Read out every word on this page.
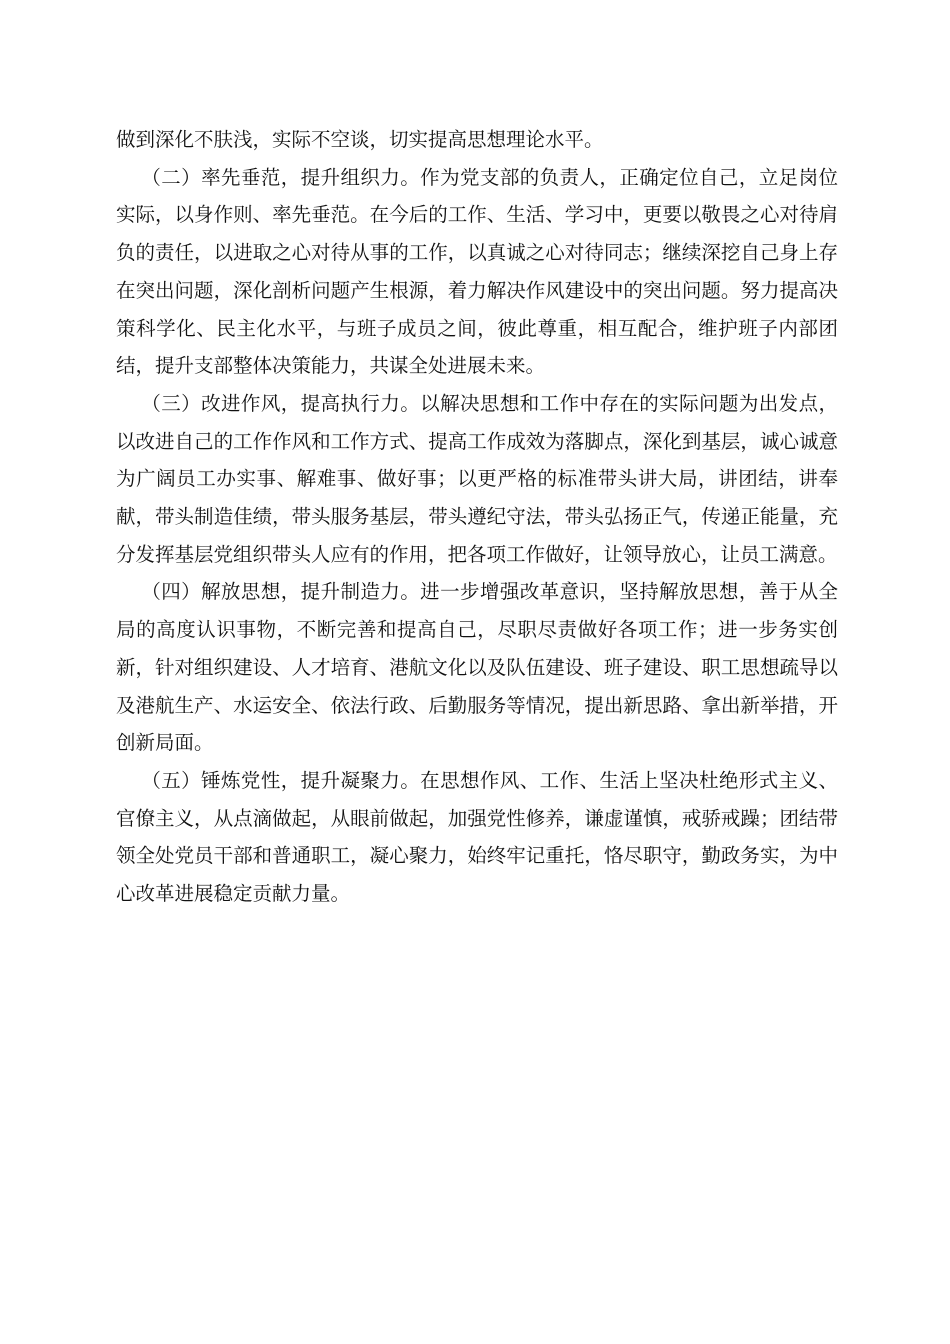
做到深化不肤浅，实际不空谈，切实提高思想理论水平。

（二）率先垂范，提升组织力。作为党支部的负责人，正确定位自己，立足岗位实际，以身作则、率先垂范。在今后的工作、生活、学习中，更要以敬畏之心对待肩负的责任，以进取之心对待从事的工作，以真诚之心对待同志；继续深挖自己身上存在突出问题，深化剖析问题产生根源，着力解决作风建设中的突出问题。努力提高决策科学化、民主化水平，与班子成员之间，彼此尊重，相互配合，维护班子内部团结，提升支部整体决策能力，共谋全处进展未来。

（三）改进作风，提高执行力。以解决思想和工作中存在的实际问题为出发点，以改进自己的工作作风和工作方式、提高工作成效为落脚点，深化到基层，诚心诚意为广阔员工办实事、解难事、做好事；以更严格的标准带头讲大局，讲团结，讲奉献，带头制造佳绩，带头服务基层，带头遵纪守法，带头弘扬正气，传递正能量，充分发挥基层党组织带头人应有的作用，把各项工作做好，让领导放心，让员工满意。

（四）解放思想，提升制造力。进一步增强改革意识，坚持解放思想，善于从全局的高度认识事物，不断完善和提高自己，尽职尽责做好各项工作；进一步务实创新，针对组织建设、人才培育、港航文化以及队伍建设、班子建设、职工思想疏导以及港航生产、水运安全、依法行政、后勤服务等情况，提出新思路、拿出新举措，开创新局面。

（五）锤炼党性，提升凝聚力。在思想作风、工作、生活上坚决杜绝形式主义、官僚主义，从点滴做起，从眼前做起，加强党性修养，谦虚谨慎，戒骄戒躁；团结带领全处党员干部和普通职工，凝心聚力，始终牢记重托，恪尽职守，勤政务实，为中心改革进展稳定贡献力量。
